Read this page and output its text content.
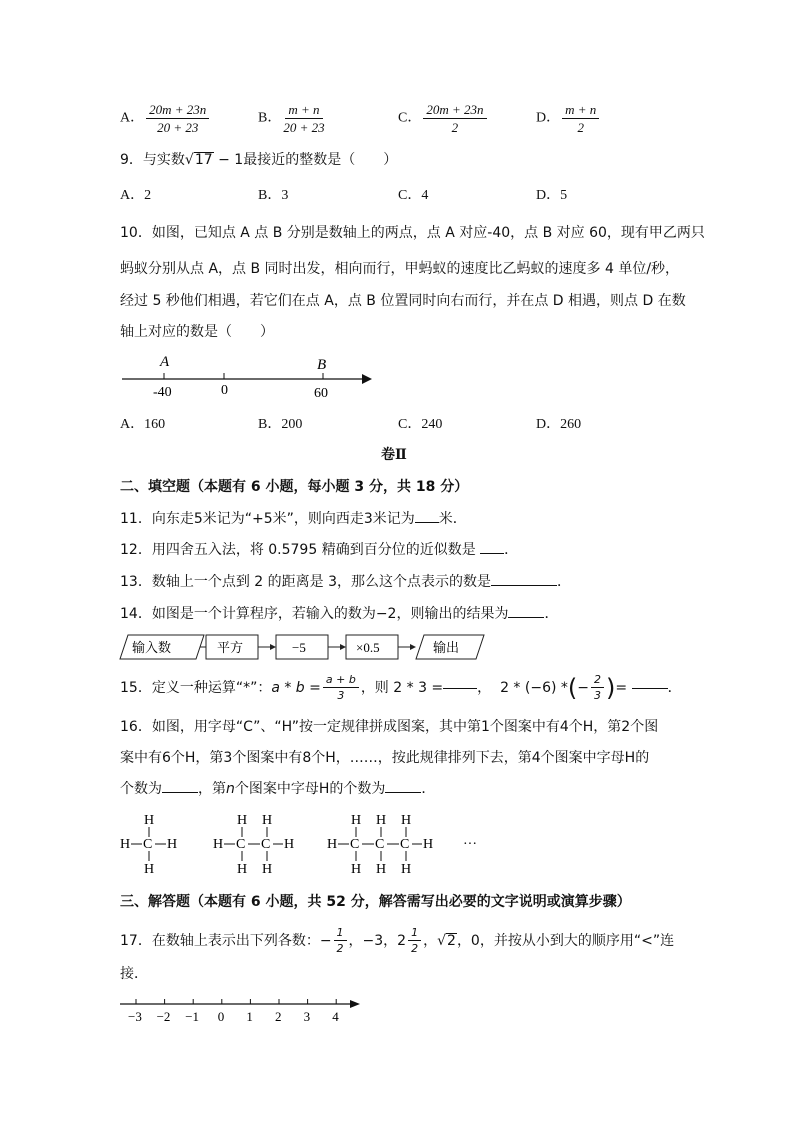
A． $\frac{20m + 23n}{20 + 23}$	B． $\frac{m + n}{20 + 23}$	C． $\frac{20m + 23n}{2}$	D． $\frac{m + n}{2}$
9．与实数√17 − 1最接近的整数是（　　）
A．2	B．3	C．4	D．5
10．如图，已知点 A 点 B 分别是数轴上的两点，点 A 对应-40，点 B 对应 60，现有甲乙两只
蚂蚁分别从点 A，点 B 同时出发，相向而行，甲蚂蚁的速度比乙蚂蚁的速度多 4 单位/秒，
经过 5 秒他们相遇，若它们在点 A，点 B 位置同时向右而行，并在点 D 相遇，则点 D 在数
轴上对应的数是（　　）
A	B
-40	0	60
A．160	B．200	C．240	D．260
卷Ⅱ
二、填空题（本题有 6 小题，每小题 3 分，共 18 分）
11．向东走5米记为“+5米”，则向西走3米记为 米．
12．用四舍五入法，将 0.5795 精确到百分位的近似数是 ．
13．数轴上一个点到 2 的距离是 3，那么这个点表示的数是	．
14．如图是一个计算程序，若输入的数为−2，则输出的结果为	．
输入数	平方	−5	×0.5	输出
15．定义一种运算“*”： $a * b = \frac{a + b}{3}$ ，则 2 * 3 = ，
2 * (−6) * ( − $\frac{2}{3}$ ) =
	．
16．如图，用字母“C”、“H”按一定规律拼成图案，其中第1个图案中有4个H，第2个图
案中有6个H，第3个图案中有8个H，……，按此规律排列下去，第4个图案中字母H的
个数为	，第n个图案中字母H的个数为	．
H
H C H
H
H H
H C C H
H H
H H H
H C C C H
H H H
···
三、解答题（本题有 6 小题，共 52 分，解答需写出必要的文字说明或演算步骤）
17．在数轴上表示出下列各数：− $\frac{1}{2}$ ，−3，$2 \frac{1}{2}$ ， √ 2 ，0，并按从小到大的顺序用“<”连
接．
−3 −2 −1 0 1 2 3 4
